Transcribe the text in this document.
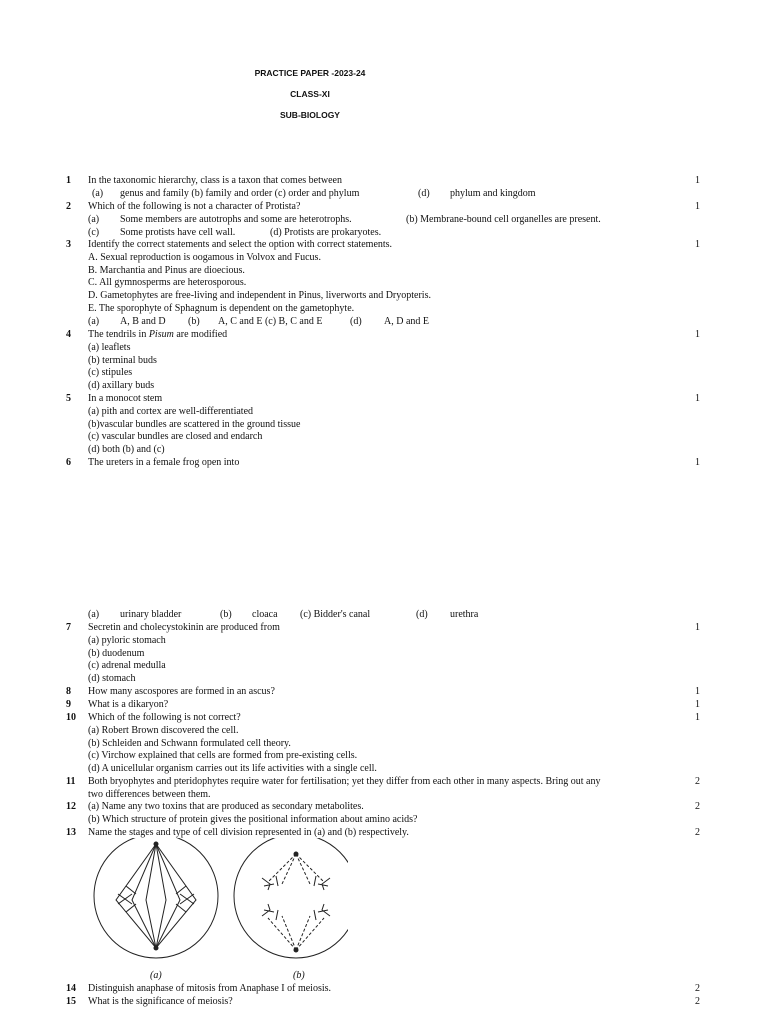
PRACTICE PAPER -2023-24
CLASS-XI
SUB-BIOLOGY
1	In the taxonomic hierarchy, class is a taxon that comes between	1
(a) genus and family (b) family and order (c) order and phylum	(d) phylum and kingdom
2	Which of the following is not a character of Protista?	1
(a) Some members are autotrophs and some are heterotrophs.	(b) Membrane-bound cell organelles are present.
(c) Some protists have cell wall.	(d) Protists are prokaryotes.
3	Identify the correct statements and select the option with correct statements.	1
A. Sexual reproduction is oogamous in Volvox and Fucus.
B. Marchantia and Pinus are dioecious.
C. All gymnosperms are heterosporous.
D. Gametophytes are free-living and independent in Pinus, liverworts and Dryopteris.
E. The sporophyte of Sphagnum is dependent on the gametophyte.
(a) A, B and D (b) A, C and E (c) B, C and E	(d) A, D and E
4	The tendrils in Pisum are modified	1
(a) leaflets
(b) terminal buds
(c) stipules
(d) axillary buds
5	In a monocot stem	1
(a) pith and cortex are well-differentiated
(b)vascular bundles are scattered in the ground tissue
(c) vascular bundles are closed and endarch
(d) both (b) and (c)
6	The ureters in a female frog open into	1
(a) urinary bladder	(b) cloaca (c) Bidder's canal	(d) urethra
7	Secretin and cholecystokinin are produced from	1
(a) pyloric stomach
(b) duodenum
(c) adrenal medulla
(d) stomach
8	How many ascospores are formed in an ascus?	1
9	What is a dikaryon?	1
10	Which of the following is not correct?	1
(a) Robert Brown discovered the cell.
(b) Schleiden and Schwann formulated cell theory.
(c) Virchow explained that cells are formed from pre-existing cells.
(d) A unicellular organism carries out its life activities with a single cell.
11	Both bryophytes and pteridophytes require water for fertilisation; yet they differ from each other in many aspects. Bring out any	2
two differences between them.
12	(a) Name any two toxins that are produced as secondary metabolites.	2
(b) Which structure of protein gives the positional information about amino acids?
13	Name the stages and type of cell division represented in (a) and (b) respectively.	2
(a)	(b)
14	Distinguish anaphase of mitosis from Anaphase I of meiosis.	2
15	What is the significance of meiosis?	2
